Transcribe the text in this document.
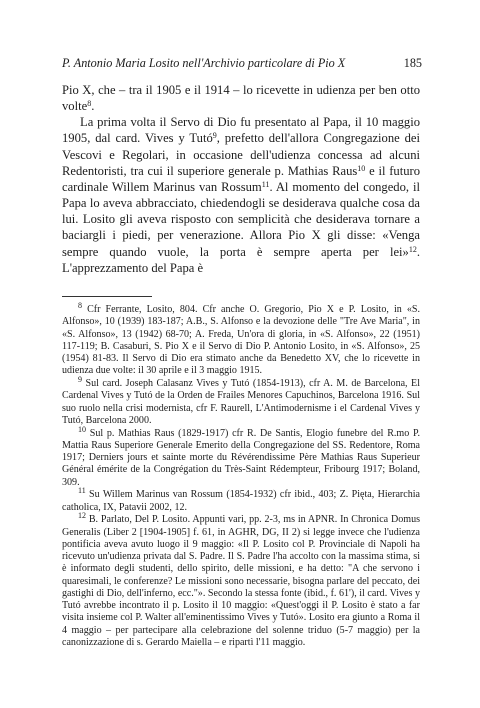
P. Antonio Maria Losito nell'Archivio particolare di Pio X	185

Pio X, che – tra il 1905 e il 1914 – lo ricevette in udienza per ben otto volte$^8$.

La prima volta il Servo di Dio fu presentato al Papa, il 10 maggio 1905, dal card. Vives y Tutó$^9$, prefetto dell'allora Congregazione dei Vescovi e Regolari, in occasione dell'udienza concessa ad alcuni Redentoristi, tra cui il superiore generale p. Mathias Raus$^{10}$ e il futuro cardinale Willem Marinus van Rossum$^{11}$. Al momento del congedo, il Papa lo aveva abbracciato, chiedendogli se desiderava qualche cosa da lui. Losito gli aveva risposto con semplicità che desiderava tornare a baciargli i piedi, per venerazione. Allora Pio X gli disse: «Venga sempre quando vuole, la porta è sempre aperta per lei»$^{12}$. L'apprezzamento del Papa è

$^8$ Cfr Ferrante, Losito, 804. Cfr anche O. Gregorio, Pio X e P. Losito, in «S. Alfonso», 10 (1939) 183-187; A.B., S. Alfonso e la devozione delle "Tre Ave Maria", in «S. Alfonso», 13 (1942) 68-70; A. Freda, Un'ora di gloria, in «S. Alfonso», 22 (1951) 117-119; B. Casaburi, S. Pio X e il Servo di Dio P. Antonio Losito, in «S. Alfonso», 25 (1954) 81-83. Il Servo di Dio era stimato anche da Benedetto XV, che lo ricevette in udienza due volte: il 30 aprile e il 3 maggio 1915.

$^9$ Sul card. Joseph Calasanz Vives y Tutó (1854-1913), cfr A. M. de Barcelona, El Cardenal Vives y Tutó de la Orden de Frailes Menores Capuchinos, Barcelona 1916. Sul suo ruolo nella crisi modernista, cfr F. Raurell, L'Antimodernisme i el Cardenal Vives y Tutó, Barcelona 2000.

$^{10}$ Sul p. Mathias Raus (1829-1917) cfr R. De Santis, Elogio funebre del R.mo P. Mattia Raus Superiore Generale Emerito della Congregazione del SS. Redentore, Roma 1917; Derniers jours et sainte morte du Révérendissime Père Mathias Raus Superieur Général émérite de la Congrégation du Très-Saint Rédempteur, Fribourg 1917; Boland, 309.

$^{11}$ Su Willem Marinus van Rossum (1854-1932) cfr ibid., 403; Z. Pięta, Hierarchia catholica, IX, Patavii 2002, 12.

$^{12}$ B. Parlato, Del P. Losito. Appunti vari, pp. 2-3, ms in APNR. In Chronica Domus Generalis (Liber 2 [1904-1905] f. 61, in AGHR, DG, II 2) si legge invece che l'udienza pontificia aveva avuto luogo il 9 maggio: «Il P. Losito col P. Provinciale di Napoli ha ricevuto un'udienza privata dal S. Padre. Il S. Padre l'ha accolto con la massima stima, si è informato degli studenti, dello spirito, delle missioni, e ha detto: "A che servono i quaresimali, le conferenze? Le missioni sono necessarie, bisogna parlare del peccato, dei gastighi di Dio, dell'inferno, ecc."». Secondo la stessa fonte (ibid., f. 61'), il card. Vives y Tutó avrebbe incontrato il p. Losito il 10 maggio: «Quest'oggi il P. Losito è stato a far visita insieme col P. Walter all'eminentissimo Vives y Tutó». Losito era giunto a Roma il 4 maggio – per partecipare alla celebrazione del solenne triduo (5-7 maggio) per la canonizzazione di s. Gerardo Maiella – e ripartì l'11 maggio.
